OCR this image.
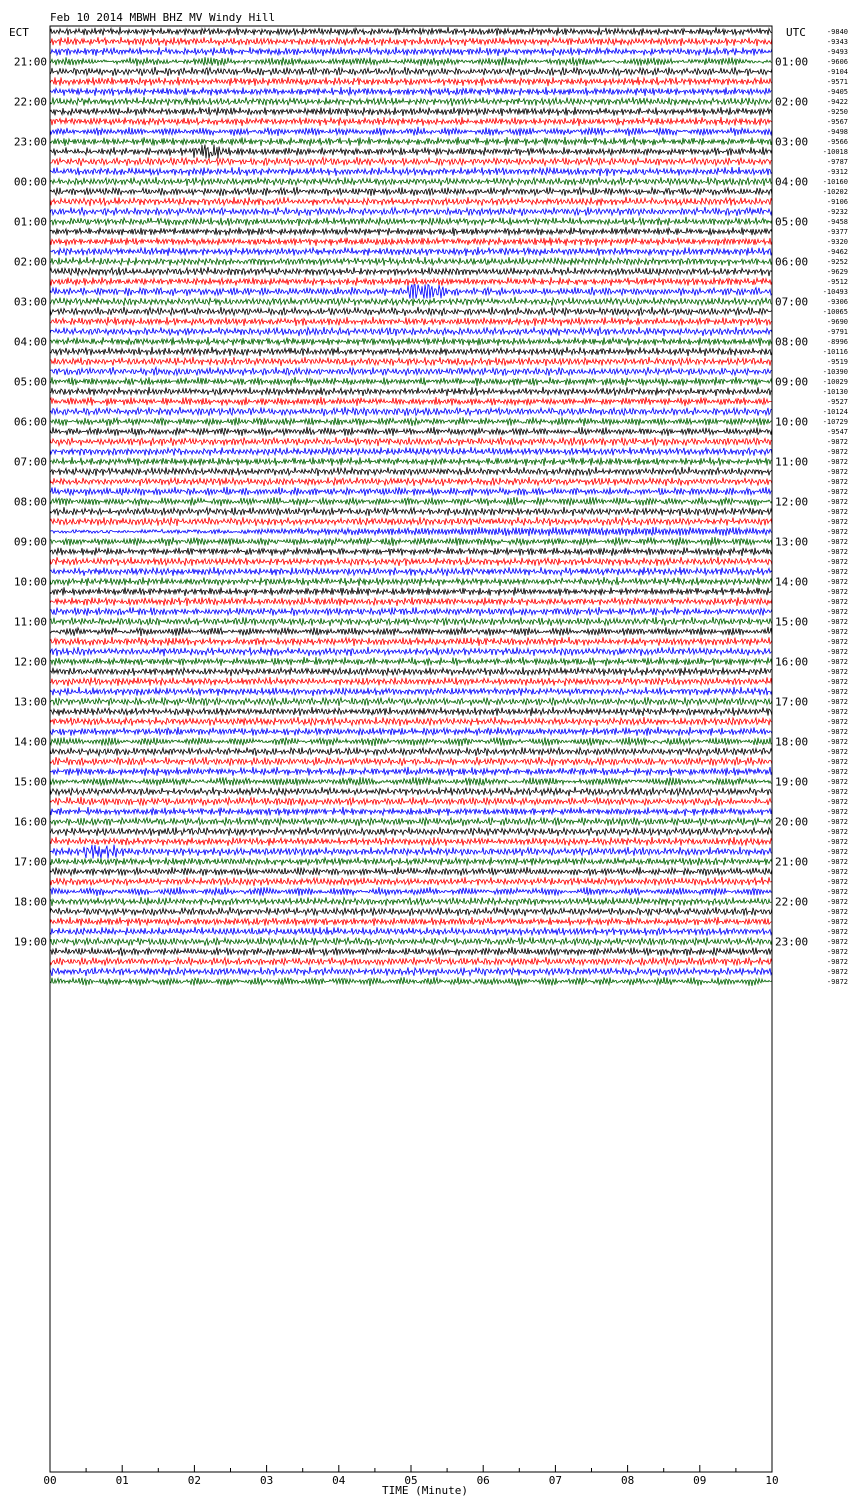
Feb 10 2014 MBWH BHZ MV Windy Hill
ECT	UTC
21:00
22:00
23:00
00:00
01:00
02:00
03:00
04:00
05:00
06:00
07:00
08:00
09:00
10:00
11:00
12:00
13:00
14:00
15:00
16:00
17:00
18:00
19:00
01:00
02:00
03:00
04:00
05:00
06:00
07:00
08:00
09:00
10:00
11:00
12:00
13:00
14:00
15:00
16:00
17:00
18:00
19:00
20:00
21:00
22:00
23:00
-9840
-9343
-9493
-9606
-9104
-9571
-9405
-9422
-9250
-9567
-9498
-9566
-10018
-9787
-9312
-10160
-10202
-9106
-9232
-9458
-9377
-9320
-9462
-9252
-9629
-9512
-10493
-9306
-10065
-9690
-9791
-8996
-10116
-9519
-10390
-10029
-10130
-9527
-10124
-10729
-9547
-9872
-9872
-9872
-9872
-9872
-9872
-9872
-9872
-9872
-9872
-9872
-9872
-9872
-9872
-9872
-9872
-9872
-9872
-9872
-9872
-9872
-9872
-9872
-9872
-9872
-9872
-9872
-9872
-9872
-9872
-9872
-9872
-9872
-9872
-9872
-9872
-9872
-9872
-9872
-9872
-9872
-9872
-9872
-9872
-9872
-9872
-9872
-9872
-9872
-9872
-9872
-9872
-9872
-9872
-9872
00	01	02	03	04	05	06	07	08	09	10
TIME (Minute)
